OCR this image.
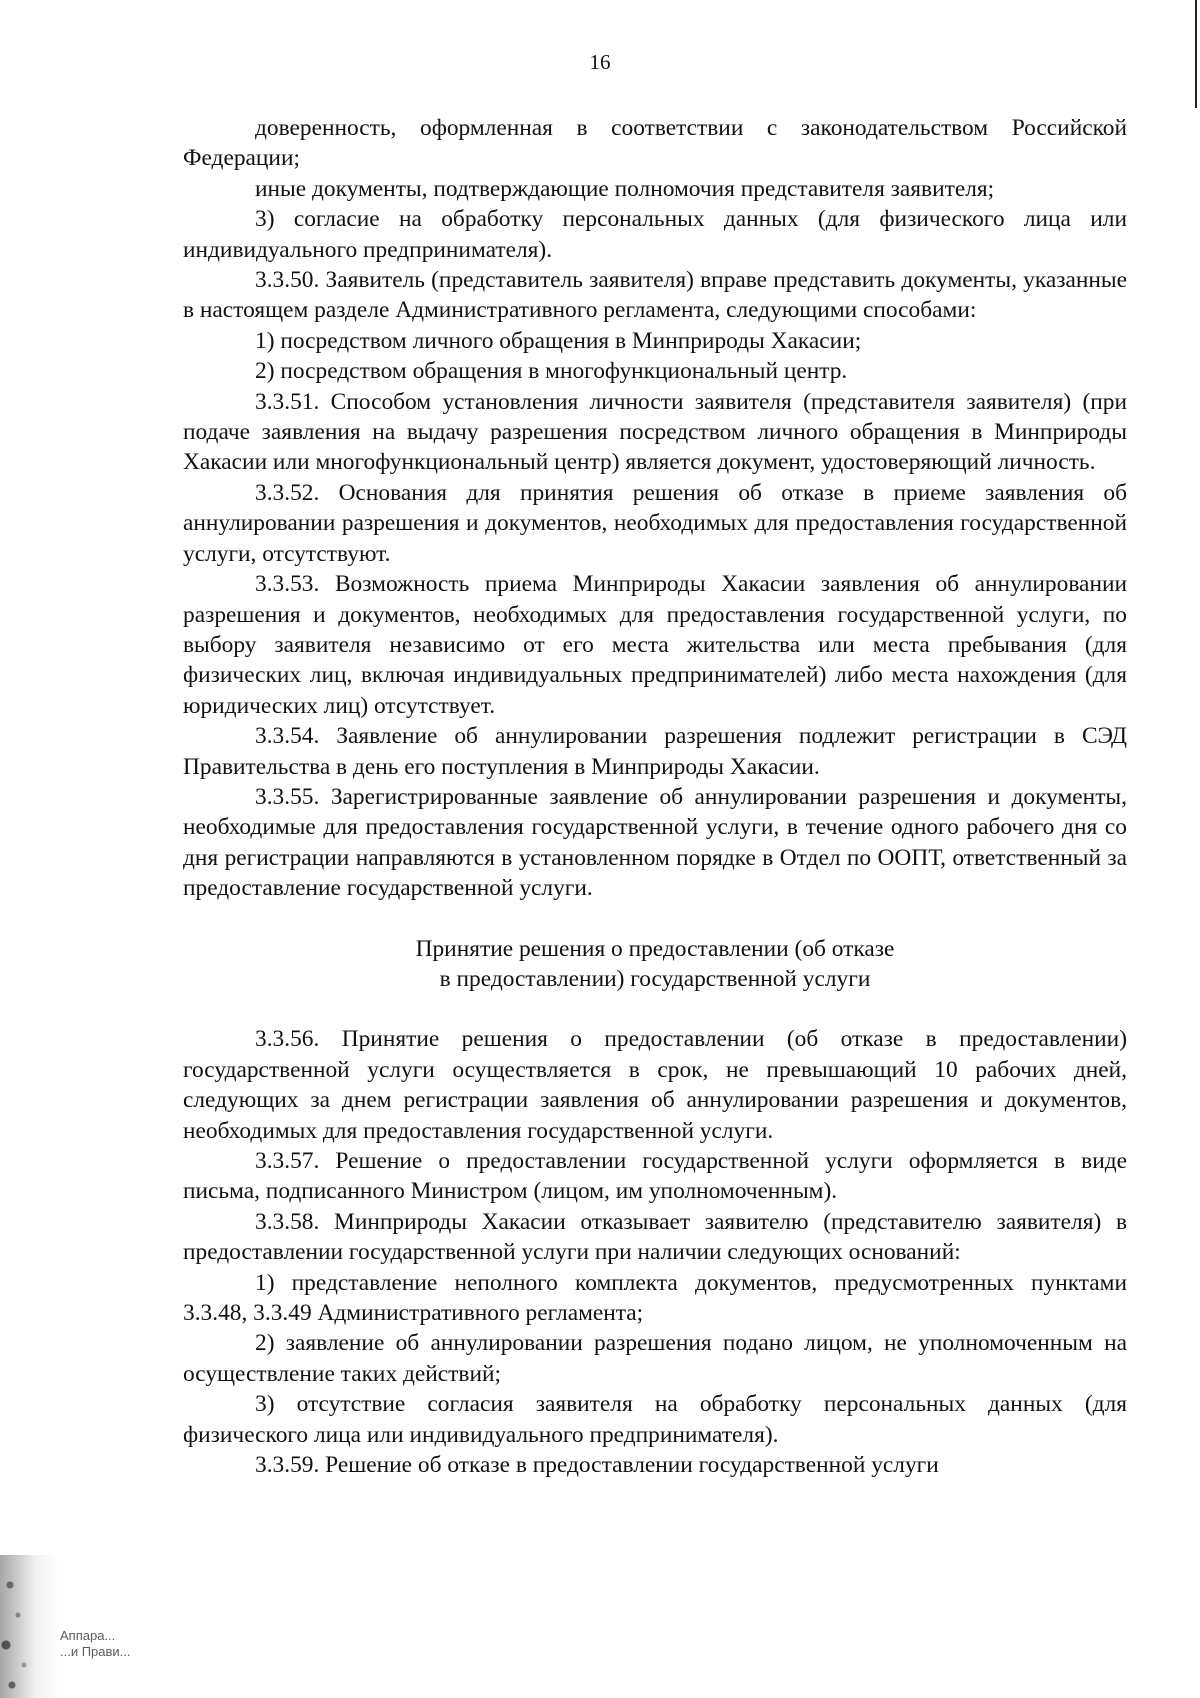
16

доверенность, оформленная в соответствии с законодательством Российской Федерации;

иные документы, подтверждающие полномочия представителя заявителя;

3) согласие на обработку персональных данных (для физического лица или индивидуального предпринимателя).

3.3.50. Заявитель (представитель заявителя) вправе представить документы, указанные в настоящем разделе Административного регламента, следующими способами:

1) посредством личного обращения в Минприроды Хакасии;

2) посредством обращения в многофункциональный центр.

3.3.51. Способом установления личности заявителя (представителя заявителя) (при подаче заявления на выдачу разрешения посредством личного обращения в Минприроды Хакасии или многофункциональный центр) является документ, удостоверяющий личность.

3.3.52. Основания для принятия решения об отказе в приеме заявления об аннулировании разрешения и документов, необходимых для предоставления государственной услуги, отсутствуют.

3.3.53. Возможность приема Минприроды Хакасии заявления об аннулировании разрешения и документов, необходимых для предоставления государственной услуги, по выбору заявителя независимо от его места жительства или места пребывания (для физических лиц, включая индивидуальных предпринимателей) либо места нахождения (для юридических лиц) отсутствует.

3.3.54. Заявление об аннулировании разрешения подлежит регистрации в СЭД Правительства в день его поступления в Минприроды Хакасии.

3.3.55. Зарегистрированные заявление об аннулировании разрешения и документы, необходимые для предоставления государственной услуги, в течение одного рабочего дня со дня регистрации направляются в установленном порядке в Отдел по ООПТ, ответственный за предоставление государственной услуги.

Принятие решения о предоставлении (об отказе
в предоставлении) государственной услуги

3.3.56. Принятие решения о предоставлении (об отказе в предоставлении) государственной услуги осуществляется в срок, не превышающий 10 рабочих дней, следующих за днем регистрации заявления об аннулировании разрешения и документов, необходимых для предоставления государственной услуги.

3.3.57. Решение о предоставлении государственной услуги оформляется в виде письма, подписанного Министром (лицом, им уполномоченным).

3.3.58. Минприроды Хакасии отказывает заявителю (представителю заявителя) в предоставлении государственной услуги при наличии следующих оснований:

1) представление неполного комплекта документов, предусмотренных пунктами 3.3.48, 3.3.49 Административного регламента;

2) заявление об аннулировании разрешения подано лицом, не уполномоченным на осуществление таких действий;

3) отсутствие согласия заявителя на обработку персональных данных (для физического лица или индивидуального предпринимателя).

3.3.59. Решение об отказе в предоставлении государственной услуги

Аппара...
...и Прави...
